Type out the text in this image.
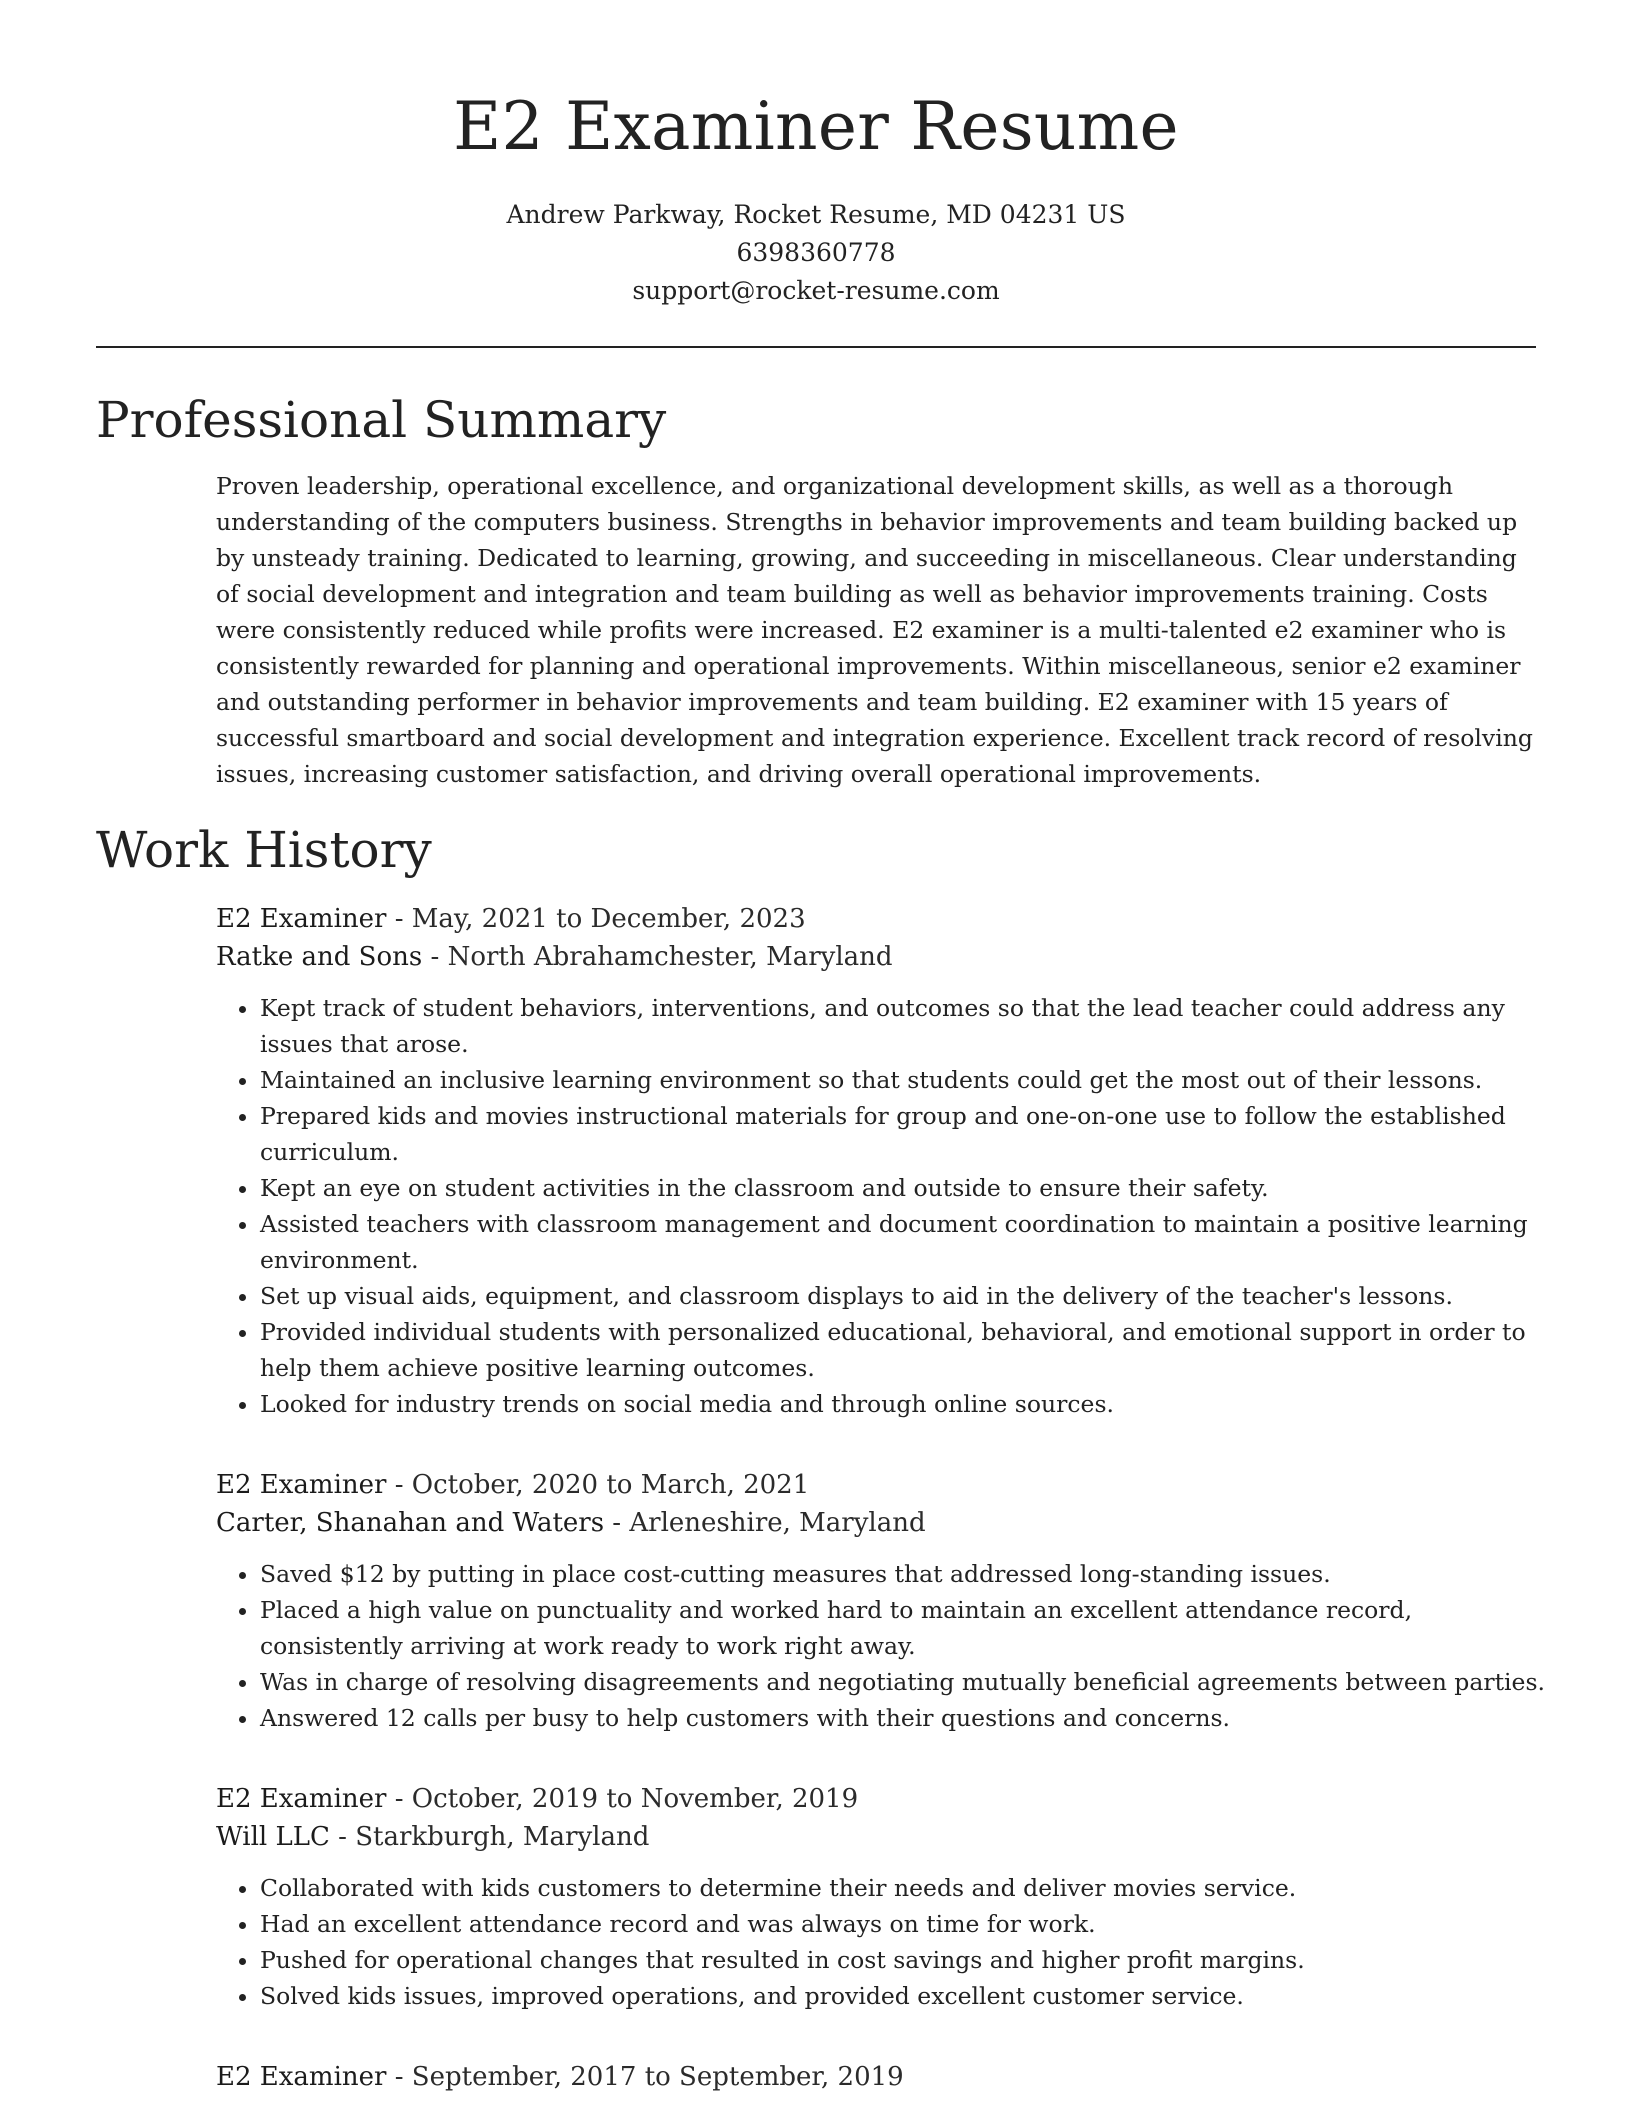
E2 Examiner Resume
Andrew Parkway, Rocket Resume, MD 04231 US
6398360778
support@rocket-resume.com
Professional Summary

Proven leadership, operational excellence, and organizational development skills, as well as a thorough understanding of the computers business. Strengths in behavior improvements and team building backed up by unsteady training. Dedicated to learning, growing, and succeeding in miscellaneous. Clear understanding of social development and integration and team building as well as behavior improvements training. Costs were consistently reduced while profits were increased. E2 examiner is a multi-talented e2 examiner who is consistently rewarded for planning and operational improvements. Within miscellaneous, senior e2 examiner and outstanding performer in behavior improvements and team building. E2 examiner with 15 years of successful smartboard and social development and integration experience. Excellent track record of resolving issues, increasing customer satisfaction, and driving overall operational improvements.

Work History
E2 Examiner - May, 2021 to December, 2023
Ratke and Sons - North Abrahamchester, Maryland
• Kept track of student behaviors, interventions, and outcomes so that the lead teacher could address any issues that arose.
• Maintained an inclusive learning environment so that students could get the most out of their lessons.
• Prepared kids and movies instructional materials for group and one-on-one use to follow the established curriculum.
• Kept an eye on student activities in the classroom and outside to ensure their safety.
• Assisted teachers with classroom management and document coordination to maintain a positive learning environment.
• Set up visual aids, equipment, and classroom displays to aid in the delivery of the teacher's lessons.
• Provided individual students with personalized educational, behavioral, and emotional support in order to help them achieve positive learning outcomes.
• Looked for industry trends on social media and through online sources.
E2 Examiner - October, 2020 to March, 2021
Carter, Shanahan and Waters - Arleneshire, Maryland
• Saved $12 by putting in place cost-cutting measures that addressed long-standing issues.
• Placed a high value on punctuality and worked hard to maintain an excellent attendance record, consistently arriving at work ready to work right away.
• Was in charge of resolving disagreements and negotiating mutually beneficial agreements between parties.
• Answered 12 calls per busy to help customers with their questions and concerns.
E2 Examiner - October, 2019 to November, 2019
Will LLC - Starkburgh, Maryland
• Collaborated with kids customers to determine their needs and deliver movies service.
• Had an excellent attendance record and was always on time for work.
• Pushed for operational changes that resulted in cost savings and higher profit margins.
• Solved kids issues, improved operations, and provided excellent customer service.
E2 Examiner - September, 2017 to September, 2019
